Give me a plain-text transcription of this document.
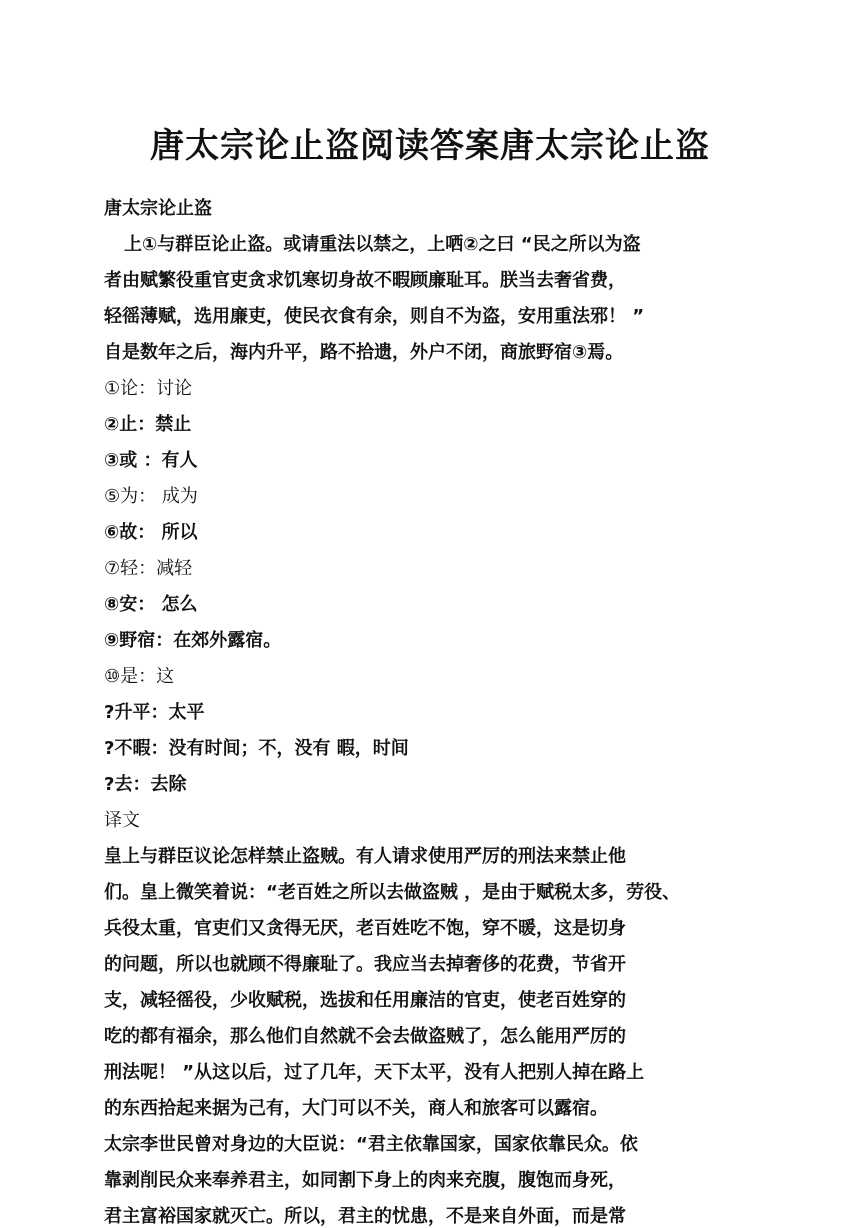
唐太宗论止盗阅读答案唐太宗论止盗
唐太宗论止盗
上①与群臣论止盗。或请重法以禁之，上哂②之曰 “民之所以为盗
者由赋繁役重官吏贪求饥寒切身故不暇顾廉耻耳。朕当去奢省费，
轻徭薄赋，选用廉吏，使民衣食有余，则自不为盗，安用重法邪！ ”
自是数年之后，海内升平，路不拾遗，外户不闭，商旅野宿③焉。
①论：讨论
②止：禁止
③或 ：有人
⑤为： 成为
⑥故： 所以
⑦轻：减轻
⑧安： 怎么
⑨野宿：在郊外露宿。
⑩是：这
?升平：太平
?不暇：没有时间；不，没有 暇，时间
?去：去除
译文
皇上与群臣议论怎样禁止盗贼。有人请求使用严厉的刑法来禁止他
们。皇上微笑着说：“老百姓之所以去做盗贼 ，是由于赋税太多，劳役、
兵役太重，官吏们又贪得无厌，老百姓吃不饱，穿不暖，这是切身
的问题，所以也就顾不得廉耻了。我应当去掉奢侈的花费，节省开
支，减轻徭役，少收赋税，选拔和任用廉洁的官吏，使老百姓穿的
吃的都有福余，那么他们自然就不会去做盗贼了，怎么能用严厉的
刑法呢！ ”从这以后，过了几年，天下太平，没有人把别人掉在路上
的东西拾起来据为己有，大门可以不关，商人和旅客可以露宿。
太宗李世民曾对身边的大臣说：“君主依靠国家，国家依靠民众。依
靠剥削民众来奉养君主，如同割下身上的肉来充腹，腹饱而身死，
君主富裕国家就灭亡。所以，君主的忧患，不是来自外面，而是常
